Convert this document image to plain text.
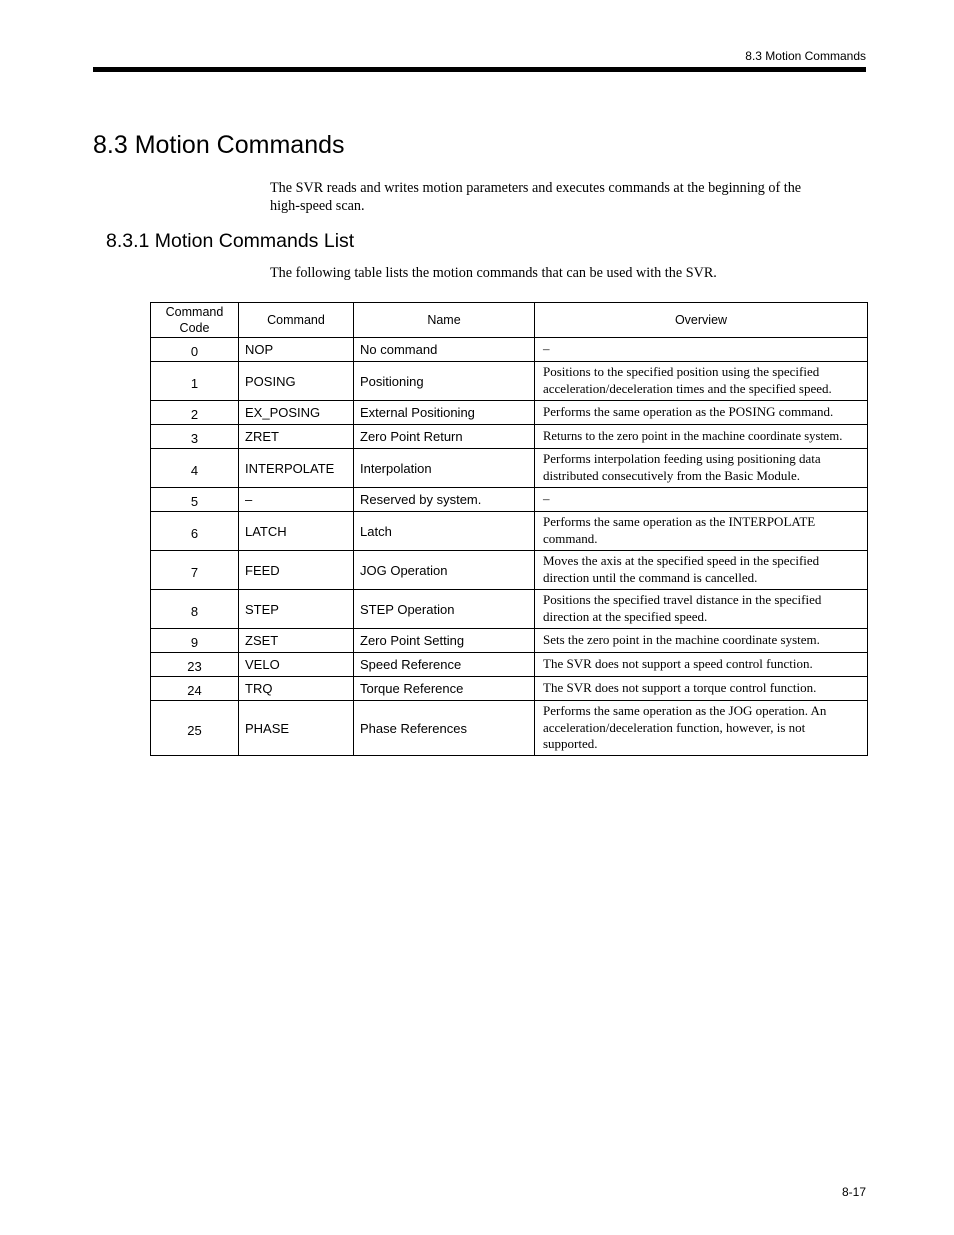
8.3 Motion Commands
8.3 Motion Commands

The SVR reads and writes motion parameters and executes commands at the beginning of the high-speed scan.

8.3.1 Motion Commands List

The following table lists the motion commands that can be used with the SVR.

Command Code	Command	Name	Overview
0	NOP	No command	–
1	POSING	Positioning	Positions to the specified position using the specified acceleration/deceleration times and the specified speed.
2	EX_POSING	External Positioning	Performs the same operation as the POSING command.
3	ZRET	Zero Point Return	Returns to the zero point in the machine coordinate system.
4	INTERPOLATE	Interpolation	Performs interpolation feeding using positioning data distributed consecutively from the Basic Module.
5	–	Reserved by system.	–
6	LATCH	Latch	Performs the same operation as the INTERPOLATE command.
7	FEED	JOG Operation	Moves the axis at the specified speed in the specified direction until the command is cancelled.
8	STEP	STEP Operation	Positions the specified travel distance in the specified direction at the specified speed.
9	ZSET	Zero Point Setting	Sets the zero point in the machine coordinate system.
23	VELO	Speed Reference	The SVR does not support a speed control function.
24	TRQ	Torque Reference	The SVR does not support a torque control function.
25	PHASE	Phase References	Performs the same operation as the JOG operation. An acceleration/deceleration function, however, is not supported.
8-17
